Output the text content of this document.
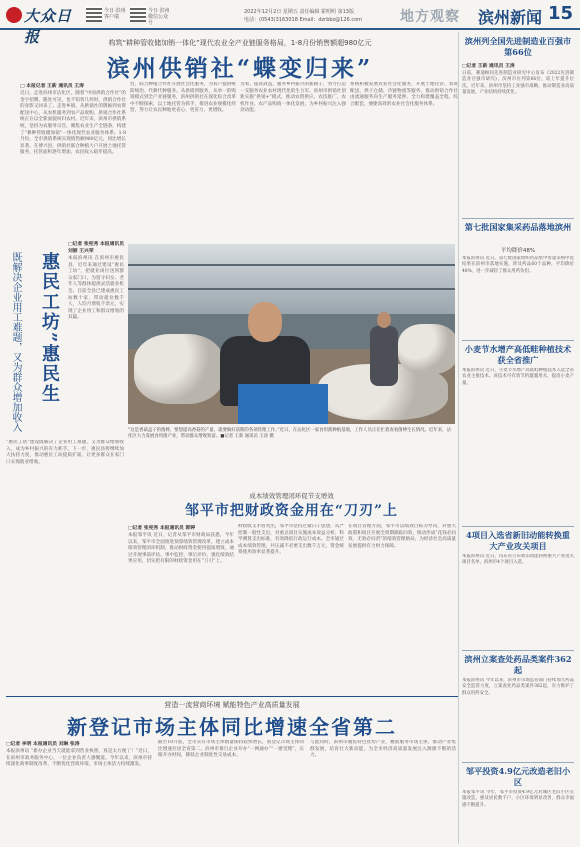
大众日报
今日·滨州客户端
今日·滨州微信公众号
2022年12月2日 星期五 责任编辑 霍明明 第13版
电话：(0543)3163018 Email：dzrbbz@126.com	地方观察 滨州新闻 15
构筑“耕种管收储加销一体化”现代农业全产业链服务格局，1-8月份销售额超980亿元
滨州供销社“蝶变归来”
□ 本报记者 王新 通讯员 王涛
近日，走进滨州市沾化区，随着“中国供销合作社”的金字招牌，随处可见，也不知曾几何时，供销合作社的身影又回来了。走进乡镇，从供销社的牌匾到农资配送中心，从农机服务到农产品收购，供销合作社系统正在以全新面貌回归农村。近年来，滨州市供销系统，坚持为农服务宗旨，聚焦农业生产全链条，构建了“耕种管收储加销”一体化现代农业服务体系。1-8月份，全市供销系统实现销售额980亿元，同比增长显著。在博兴县，供销社联合种植大户开展土地托管服务，托管面积逐年增加，农民收入稳步提高。
营，联合种植合作社开展社会化服务，为农户提供统防统治、代耕代种服务。从供销到服务，从单一的购销模式到全产业链服务，滨州供销社在深化综合改革中不断探索，以土地托管为抓手，推进农业规模化经营，努力让农民种地更省心、更省力、更增收。
为农、提高效益，服务乡村振兴的新路子，努力打造一支服务农业农村现代化的生力军。滨州市供销社创新实施“供销+”模式，推动农资供应、农技推广、农机作业、农产品购销一体化发展，为乡村振兴注入强劲动能。
系统积极发展农业社会化服务，开展土地托管、农资配送、烘干仓储、冷链物流等服务，推动供销合作社由流通服务向生产服务延伸，全力构建覆盖全程、综合配套、便捷高效的农业社会化服务体系。
惠民工坊”惠民生
既解决企业用工难题，又为群众增加收入
□记者 张宪秀 本报通讯员 刘丽 王兴荣
本报滨州讯 在滨州市惠民县，近年来通过建设“惠民工坊”，把就业岗位送到群众家门口，为留守妇女、老年人等群体提供灵活就业机会。目前全县已建成惠民工坊数十家，带动就业数千人，人均月增收千余元，实现了企业用工和群众增收的双赢。
“惠民工坊”建设既解决了企业用工难题，又为群众增加收入，成为乡村振兴的有力抓手。下一步，惠民县将继续加大扶持力度，推动惠民工坊提质扩面，让更多群众在家门口实现就业增收。
“这是香菇盒子的菌棒，要想提高香菇的产量，就要做好前期的各项管理工作。”近日，在沾化区一家食用菌种植基地，工作人员正在忙着查看菌棒生长情况。近年来，沾化区大力发展食用菌产业，带动群众增收致富。■记者 王新 通讯员 王涛 摄
成本绩效管理闭环促节支增效
邹平市把财政资金用在“刀刃”上
□记者 张宪秀 本报通讯员 郭婷
本报邹平讯 近日，记者从邹平市财政局获悉，今年以来，邹平市全面推进预算绩效管理改革，建立成本绩效管理闭环机制，推动财政资金使用提质增效。通过开展事前评估、事中监控、事后评价，强化绩效结果应用，切实把有限的财政资金用在“刀刃”上。
财政收支矛盾突出，邹平市坚持过紧日子思想，从严控制一般性支出，对重点项目实施成本效益分析，科学测算支出标准，有效降低行政运行成本。全市通过成本绩效管理，共压减不必要支出数千万元，资金统筹使用效率显著提升。
在项目管理方面，邹平市以绩效目标为导向，对重大政策和项目开展全周期跟踪问效，推动形成“花钱必问效、无效必问责”的绩效管理格局，为经济社会高质量发展提供有力财力保障。
营造一流营商环境 赋能特色产业高质量发展
新登记市场主体同比增速全省第二
□记者 李明 本报通讯员 刘琳 张涛
本报滨州讯 “新办企业当天就能拿到营业执照，真是太方便了！”近日，在滨州市政务服务中心，一位企业负责人感慨道。今年以来，滨州市持续深化商事制度改革，不断优化营商环境，市场主体活力持续激发。
截至10月底，全市实有市场主体数量保持较快增长，新登记市场主体同比增速位居全省第二。滨州市推行企业开办“一网通办”“一窗受理”，压缩开办时间，降低企业制度性交易成本。
与此同时，滨州市聚焦特色优势产业，精准服务市场主体，推动产业集群发展，培育壮大新动能，为全市经济高质量发展注入源源不断的活力。
滨州列全国先进制造业百强市第66位
□记者 王新 通讯员 王涛
日前，赛迪顾问先进制造业研究中心发布《2022先进制造业百强市研究》，滨州市位列第66位，较上年提升位次。近年来，滨州市坚持工业强市战略，推动制造业高质量发展，产业结构持续优化。
第七批国家集采药品落地滨州
平均降价48%
本报滨州讯 近日，第七批国家组织药品集中带量采购中选结果在滨州市落地实施，涉及药品60个品种，平均降价48%，进一步减轻了群众用药负担。
小麦节水增产高低畦种植技术获全省推广
本报滨州讯 近日，小麦节水增产高低畦种植技术入选全省农业主推技术。该技术可有效节约灌溉用水，提高小麦产量。
4项目入选省新旧动能转换重大产业攻关项目
本报滨州讯 近日，山东省公布新旧动能转换重大产业攻关项目名单，滨州市4个项目入选。
滨州立案查处药品类案件362起
本报滨州讯 今年以来，滨州市市场监管部门持续加大药品安全监管力度，立案查处药品类案件362起，有力维护了群众用药安全。
邹平投资4.9亿元改造老旧小区
本报邹平讯 今年，邹平市投资4.9亿元对城区老旧小区实施改造，惠及居民数千户，小区环境明显改善，群众幸福感不断提升。
